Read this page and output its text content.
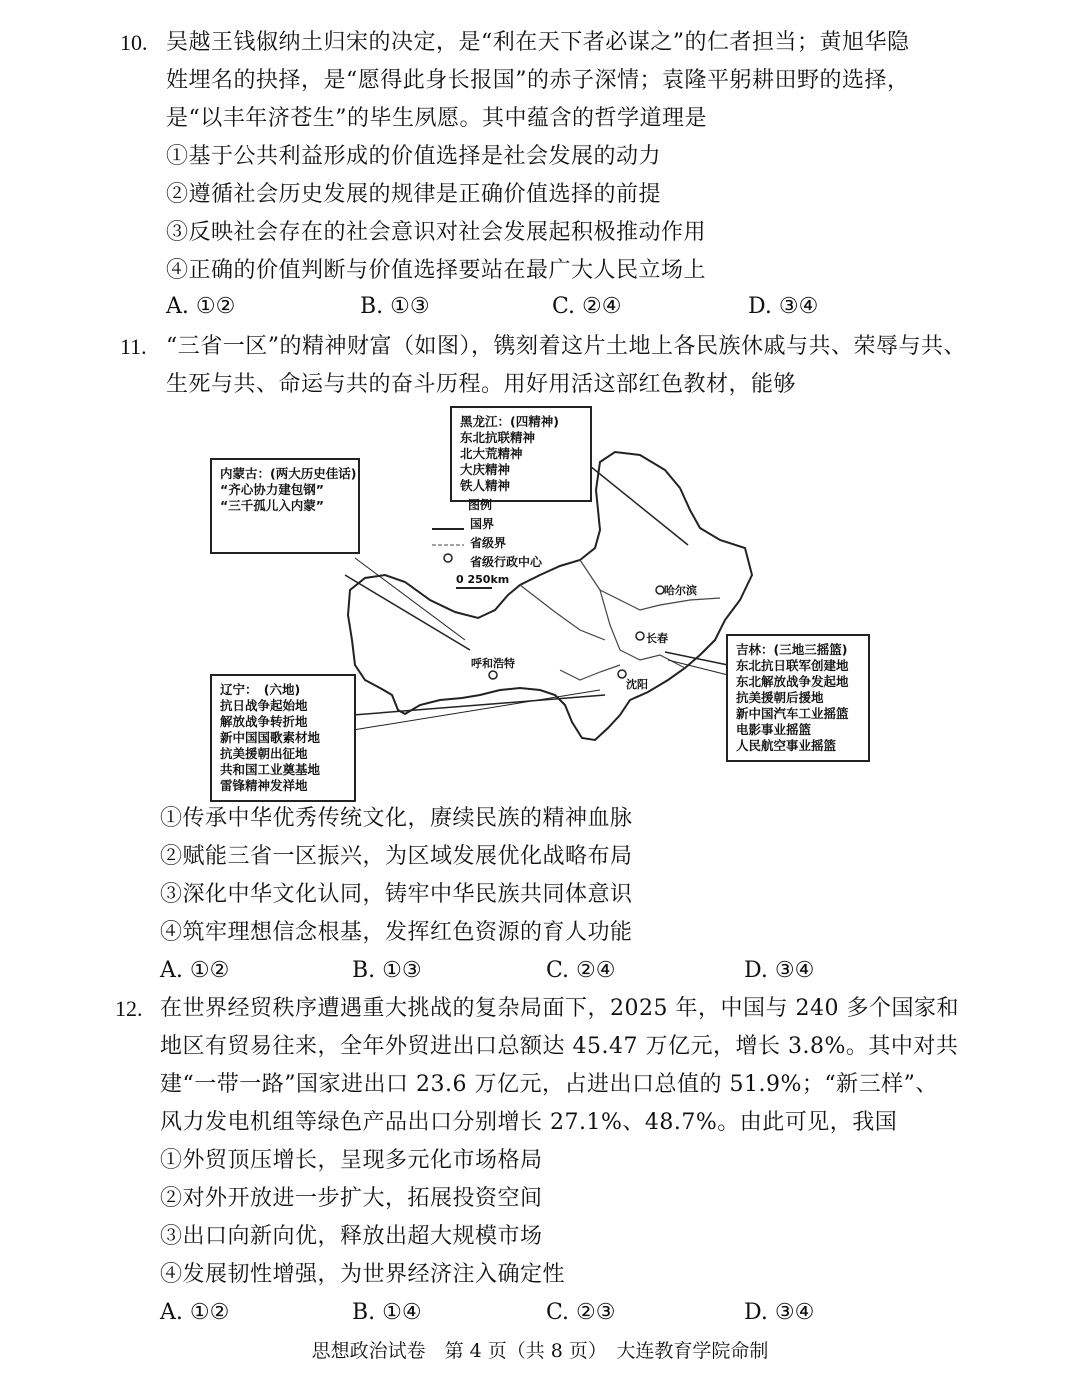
10. 吴越王钱俶纳土归宋的决定，是“利在天下者必谋之”的仁者担当；黄旭华隐
姓埋名的抉择，是“愿得此身长报国”的赤子深情；袁隆平躬耕田野的选择，
是“以丰年济苍生”的毕生夙愿。其中蕴含的哲学道理是
①基于公共利益形成的价值选择是社会发展的动力
②遵循社会历史发展的规律是正确价值选择的前提
③反映社会存在的社会意识对社会发展起积极推动作用
④正确的价值判断与价值选择要站在最广大人民立场上
A. ①②	B. ①③	C. ②④	D. ③④
11. “三省一区”的精神财富（如图），镌刻着这片土地上各民族休戚与共、荣辱与共、
生死与共、命运与共的奋斗历程。用好用活这部红色教材，能够
黑龙江：(四精神)
东北抗联精神
北大荒精神
大庆精神
铁人精神
内蒙古：(两大历史佳话)
“齐心协力建包钢”
“三千孤儿入内蒙”	图例
国界
省级界
省级行政中心
0 250km
哈尔滨
长春
呼和浩特
沈阳
吉林：(三地三摇篮)
东北抗日联军创建地
东北解放战争发起地
抗美援朝后援地
新中国汽车工业摇篮
电影事业摇篮
人民航空事业摇篮
辽宁：　(六地)
抗日战争起始地
解放战争转折地
新中国国歌素材地
抗美援朝出征地
共和国工业奠基地
雷锋精神发祥地
①传承中华优秀传统文化，赓续民族的精神血脉
②赋能三省一区振兴，为区域发展优化战略布局
③深化中华文化认同，铸牢中华民族共同体意识
④筑牢理想信念根基，发挥红色资源的育人功能
A. ①②	B. ①③	C. ②④	D. ③④
12. 在世界经贸秩序遭遇重大挑战的复杂局面下，2025 年，中国与 240 多个国家和
地区有贸易往来，全年外贸进出口总额达 45.47 万亿元，增长 3.8%。其中对共
建“一带一路”国家进出口 23.6 万亿元，占进出口总值的 51.9%；“新三样”、
风力发电机组等绿色产品出口分别增长 27.1%、48.7%。由此可见，我国
①外贸顶压增长，呈现多元化市场格局
②对外开放进一步扩大，拓展投资空间
③出口向新向优，释放出超大规模市场
④发展韧性增强，为世界经济注入确定性
A. ①②	B. ①④	C. ②③	D. ③④
思想政治试卷　第 4 页（共 8 页）　大连教育学院命制
